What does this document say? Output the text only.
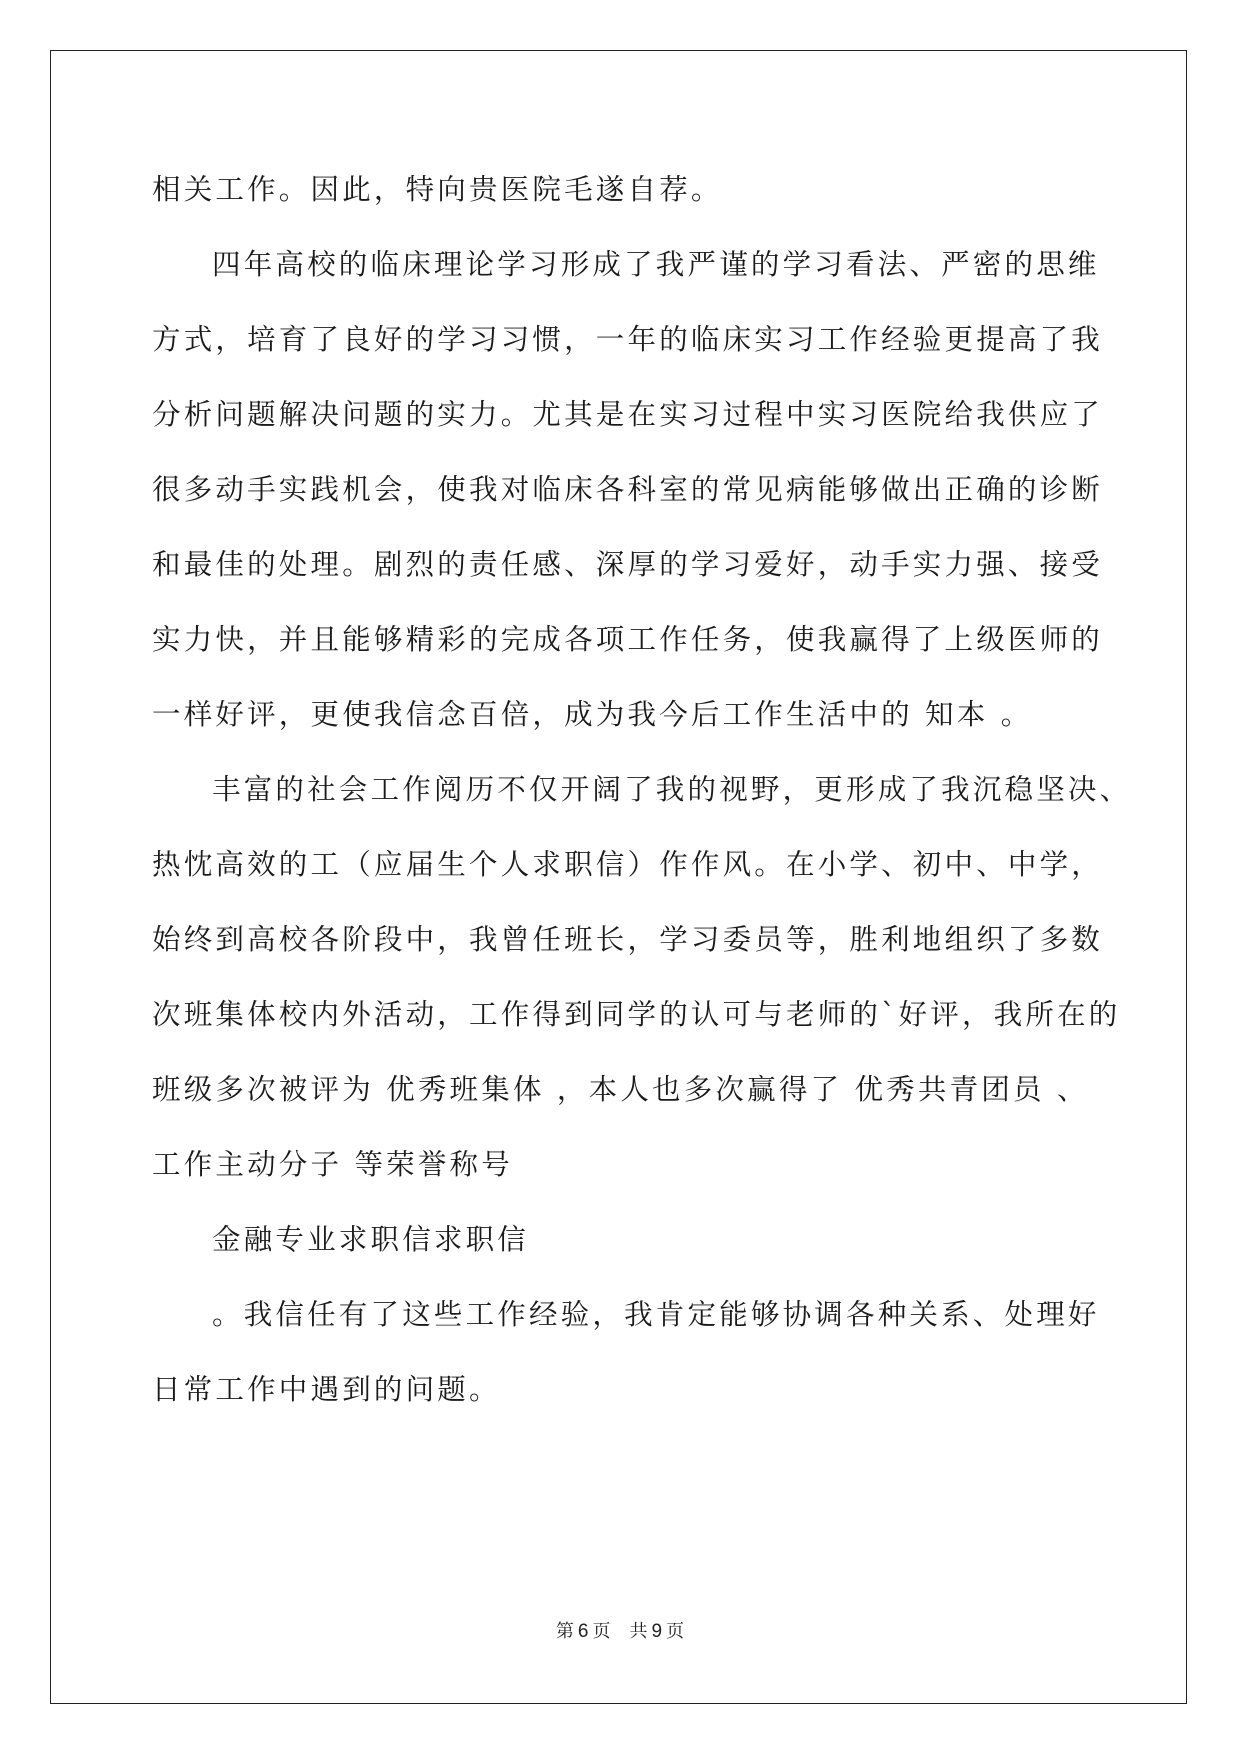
相关工作。因此，特向贵医院毛遂自荐。
四年高校的临床理论学习形成了我严谨的学习看法、严密的思维
方式，培育了良好的学习习惯，一年的临床实习工作经验更提高了我
分析问题解决问题的实力。尤其是在实习过程中实习医院给我供应了
很多动手实践机会，使我对临床各科室的常见病能够做出正确的诊断
和最佳的处理。剧烈的责任感、深厚的学习爱好，动手实力强、接受
实力快，并且能够精彩的完成各项工作任务，使我赢得了上级医师的
一样好评，更使我信念百倍，成为我今后工作生活中的 知本 。
丰富的社会工作阅历不仅开阔了我的视野，更形成了我沉稳坚决、
热忱高效的工（应届生个人求职信）作作风。在小学、初中、中学，
始终到高校各阶段中，我曾任班长，学习委员等，胜利地组织了多数
次班集体校内外活动，工作得到同学的认可与老师的`好评，我所在的
班级多次被评为 优秀班集体 ，本人也多次赢得了 优秀共青团员 、
工作主动分子 等荣誉称号
金融专业求职信求职信
。我信任有了这些工作经验，我肯定能够协调各种关系、处理好
日常工作中遇到的问题。
第 6 页 共 9 页
